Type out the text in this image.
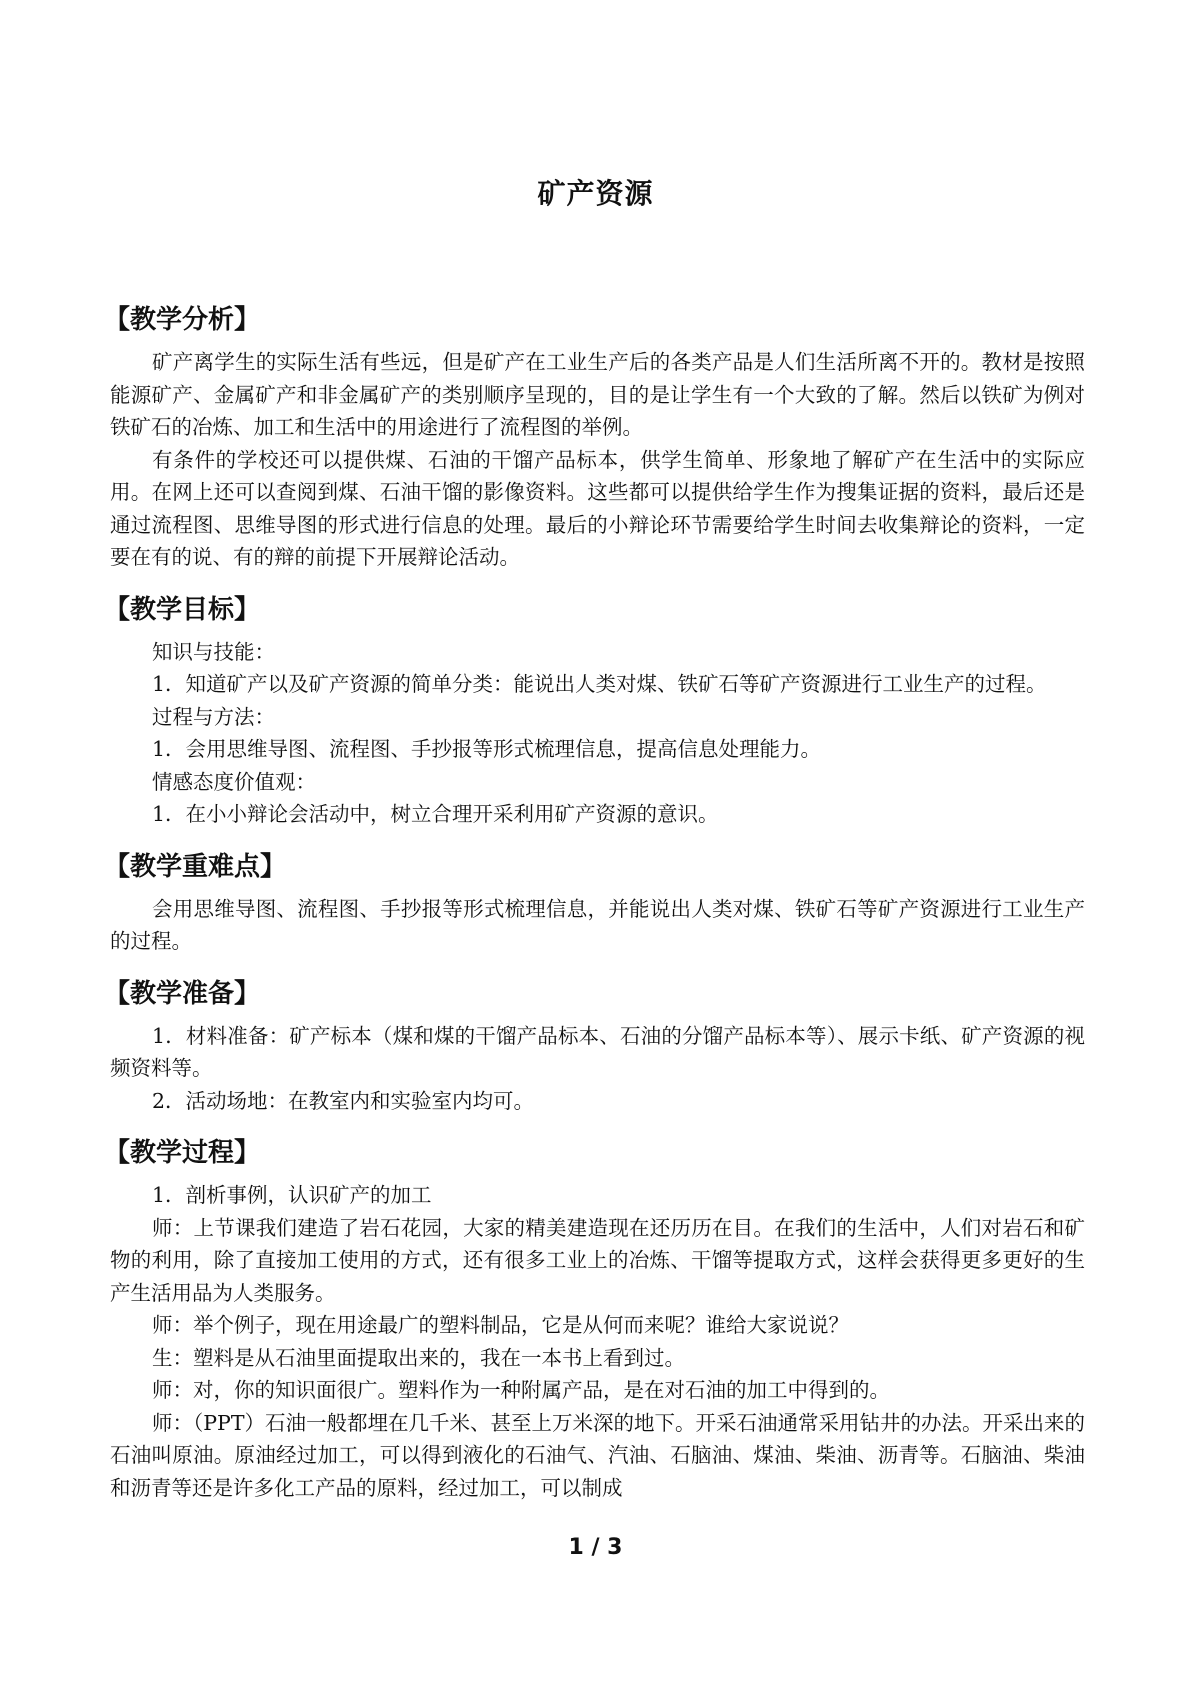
矿产资源
【教学分析】

矿产离学生的实际生活有些远，但是矿产在工业生产后的各类产品是人们生活所离不开的。教材是按照能源矿产、金属矿产和非金属矿产的类别顺序呈现的，目的是让学生有一个大致的了解。然后以铁矿为例对铁矿石的冶炼、加工和生活中的用途进行了流程图的举例。

有条件的学校还可以提供煤、石油的干馏产品标本，供学生简单、形象地了解矿产在生活中的实际应用。在网上还可以查阅到煤、石油干馏的影像资料。这些都可以提供给学生作为搜集证据的资料，最后还是通过流程图、思维导图的形式进行信息的处理。最后的小辩论环节需要给学生时间去收集辩论的资料，一定要在有的说、有的辩的前提下开展辩论活动。

【教学目标】

知识与技能：

1．知道矿产以及矿产资源的简单分类：能说出人类对煤、铁矿石等矿产资源进行工业生产的过程。

过程与方法：

1．会用思维导图、流程图、手抄报等形式梳理信息，提高信息处理能力。

情感态度价值观：

1．在小小辩论会活动中，树立合理开采利用矿产资源的意识。

【教学重难点】

会用思维导图、流程图、手抄报等形式梳理信息，并能说出人类对煤、铁矿石等矿产资源进行工业生产的过程。

【教学准备】

1．材料准备：矿产标本（煤和煤的干馏产品标本、石油的分馏产品标本等）、展示卡纸、矿产资源的视频资料等。

2．活动场地：在教室内和实验室内均可。

【教学过程】

1．剖析事例，认识矿产的加工

师：上节课我们建造了岩石花园，大家的精美建造现在还历历在目。在我们的生活中，人们对岩石和矿物的利用，除了直接加工使用的方式，还有很多工业上的冶炼、干馏等提取方式，这样会获得更多更好的生产生活用品为人类服务。

师：举个例子，现在用途最广的塑料制品，它是从何而来呢？谁给大家说说？

生：塑料是从石油里面提取出来的，我在一本书上看到过。

师：对，你的知识面很广。塑料作为一种附属产品，是在对石油的加工中得到的。

师：（PPT）石油一般都埋在几千米、甚至上万米深的地下。开采石油通常采用钻井的办法。开采出来的石油叫原油。原油经过加工，可以得到液化的石油气、汽油、石脑油、煤油、柴油、沥青等。石脑油、柴油和沥青等还是许多化工产品的原料，经过加工，可以制成

1 / 3
